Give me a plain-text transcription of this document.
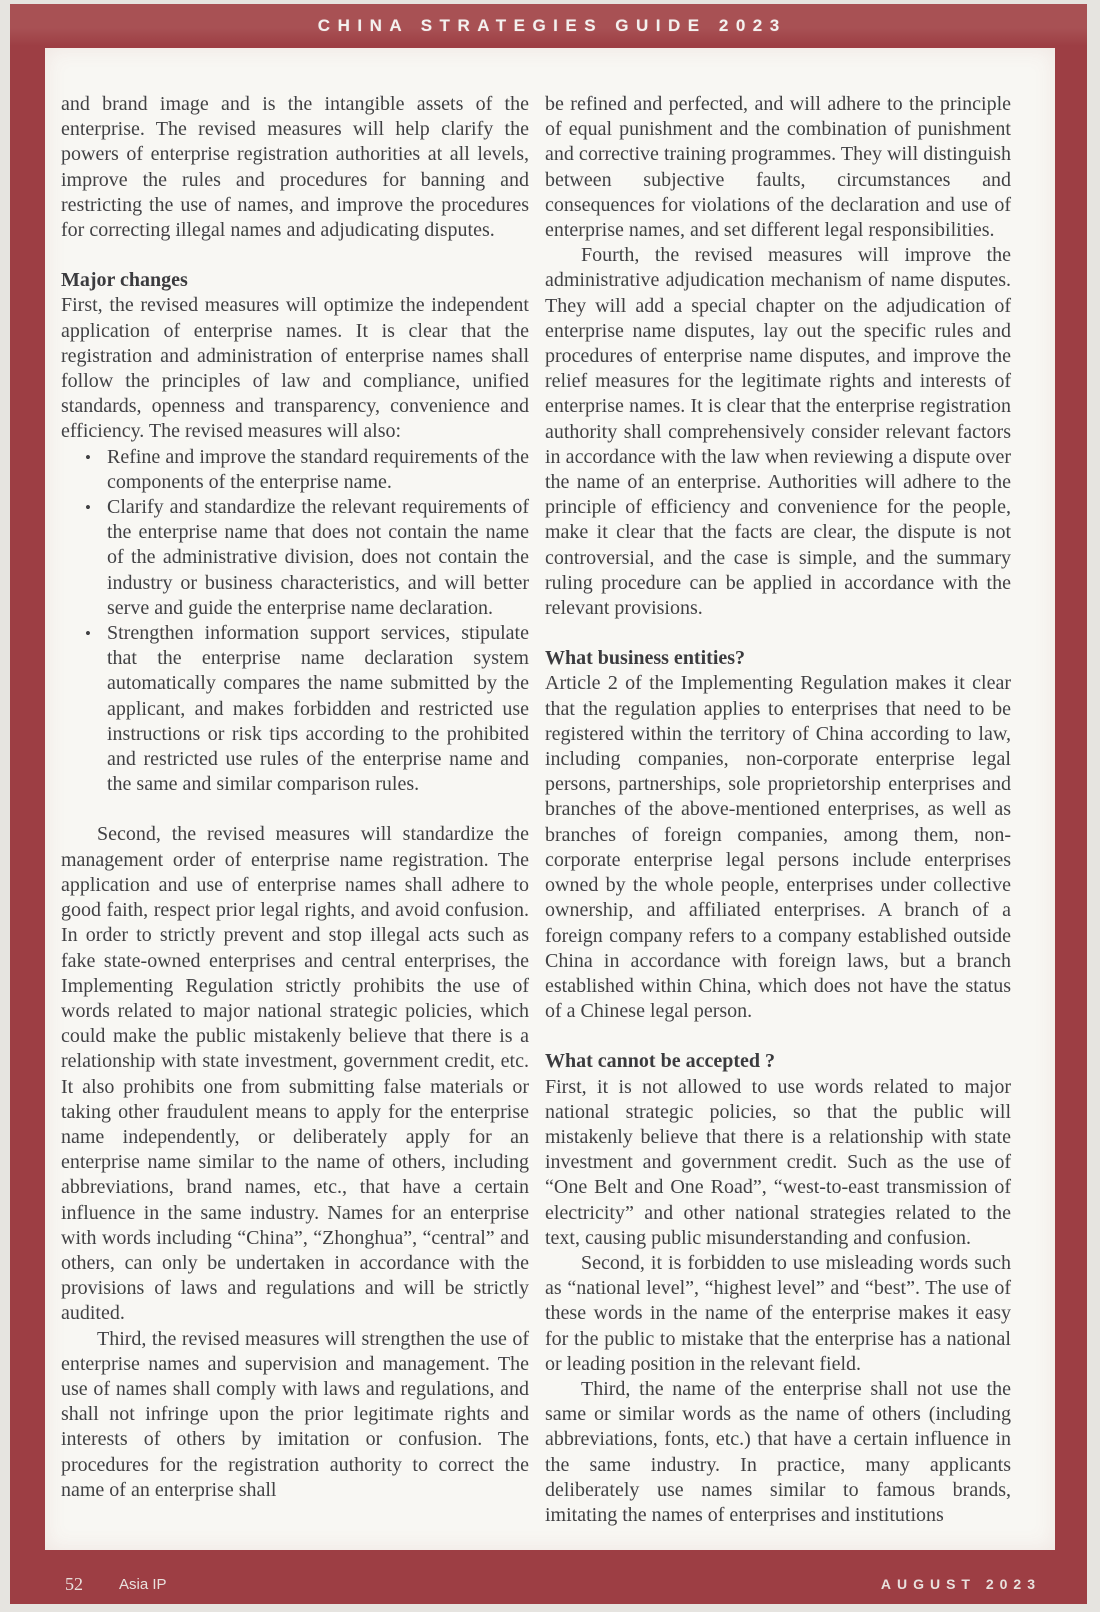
CHINA STRATEGIES GUIDE 2023

and brand image and is the intangible assets of the enterprise. The revised measures will help clarify the powers of enterprise registration authorities at all levels, improve the rules and procedures for banning and restricting the use of names, and improve the procedures for correcting illegal names and adjudicating disputes.

Major changes

First, the revised measures will optimize the independent application of enterprise names. It is clear that the registration and administration of enterprise names shall follow the principles of law and compliance, unified standards, openness and transparency, convenience and efficiency. The revised measures will also:

• Refine and improve the standard requirements of the components of the enterprise name.
• Clarify and standardize the relevant requirements of the enterprise name that does not contain the name of the administrative division, does not contain the industry or business characteristics, and will better serve and guide the enterprise name declaration.
• Strengthen information support services, stipulate that the enterprise name declaration system automatically compares the name submitted by the applicant, and makes forbidden and restricted use instructions or risk tips according to the prohibited and restricted use rules of the enterprise name and the same and similar comparison rules.

Second, the revised measures will standardize the management order of enterprise name registration. The application and use of enterprise names shall adhere to good faith, respect prior legal rights, and avoid confusion. In order to strictly prevent and stop illegal acts such as fake state-owned enterprises and central enterprises, the Implementing Regulation strictly prohibits the use of words related to major national strategic policies, which could make the public mistakenly believe that there is a relationship with state investment, government credit, etc. It also prohibits one from submitting false materials or taking other fraudulent means to apply for the enterprise name independently, or deliberately apply for an enterprise name similar to the name of others, including abbreviations, brand names, etc., that have a certain influence in the same industry. Names for an enterprise with words including “China”, “Zhonghua”, “central” and others, can only be undertaken in accordance with the provisions of laws and regulations and will be strictly audited.

Third, the revised measures will strengthen the use of enterprise names and supervision and management. The use of names shall comply with laws and regulations, and shall not infringe upon the prior legitimate rights and interests of others by imitation or confusion. The procedures for the registration authority to correct the name of an enterprise shall

be refined and perfected, and will adhere to the principle of equal punishment and the combination of punishment and corrective training programmes. They will distinguish between subjective faults, circumstances and consequences for violations of the declaration and use of enterprise names, and set different legal responsibilities.

Fourth, the revised measures will improve the administrative adjudication mechanism of name disputes. They will add a special chapter on the adjudication of enterprise name disputes, lay out the specific rules and procedures of enterprise name disputes, and improve the relief measures for the legitimate rights and interests of enterprise names. It is clear that the enterprise registration authority shall comprehensively consider relevant factors in accordance with the law when reviewing a dispute over the name of an enterprise. Authorities will adhere to the principle of efficiency and convenience for the people, make it clear that the facts are clear, the dispute is not controversial, and the case is simple, and the summary ruling procedure can be applied in accordance with the relevant provisions.

What business entities?

Article 2 of the Implementing Regulation makes it clear that the regulation applies to enterprises that need to be registered within the territory of China according to law, including companies, non-corporate enterprise legal persons, partnerships, sole proprietorship enterprises and branches of the above-mentioned enterprises, as well as branches of foreign companies, among them, non-corporate enterprise legal persons include enterprises owned by the whole people, enterprises under collective ownership, and affiliated enterprises. A branch of a foreign company refers to a company established outside China in accordance with foreign laws, but a branch established within China, which does not have the status of a Chinese legal person.

What cannot be accepted ?

First, it is not allowed to use words related to major national strategic policies, so that the public will mistakenly believe that there is a relationship with state investment and government credit. Such as the use of “One Belt and One Road”, “west-to-east transmission of electricity” and other national strategies related to the text, causing public misunderstanding and confusion.

Second, it is forbidden to use misleading words such as “national level”, “highest level” and “best”. The use of these words in the name of the enterprise makes it easy for the public to mistake that the enterprise has a national or leading position in the relevant field.

Third, the name of the enterprise shall not use the same or similar words as the name of others (including abbreviations, fonts, etc.) that have a certain influence in the same industry. In practice, many applicants deliberately use names similar to famous brands, imitating the names of enterprises and institutions

52 Asia IP	AUGUST 2023
